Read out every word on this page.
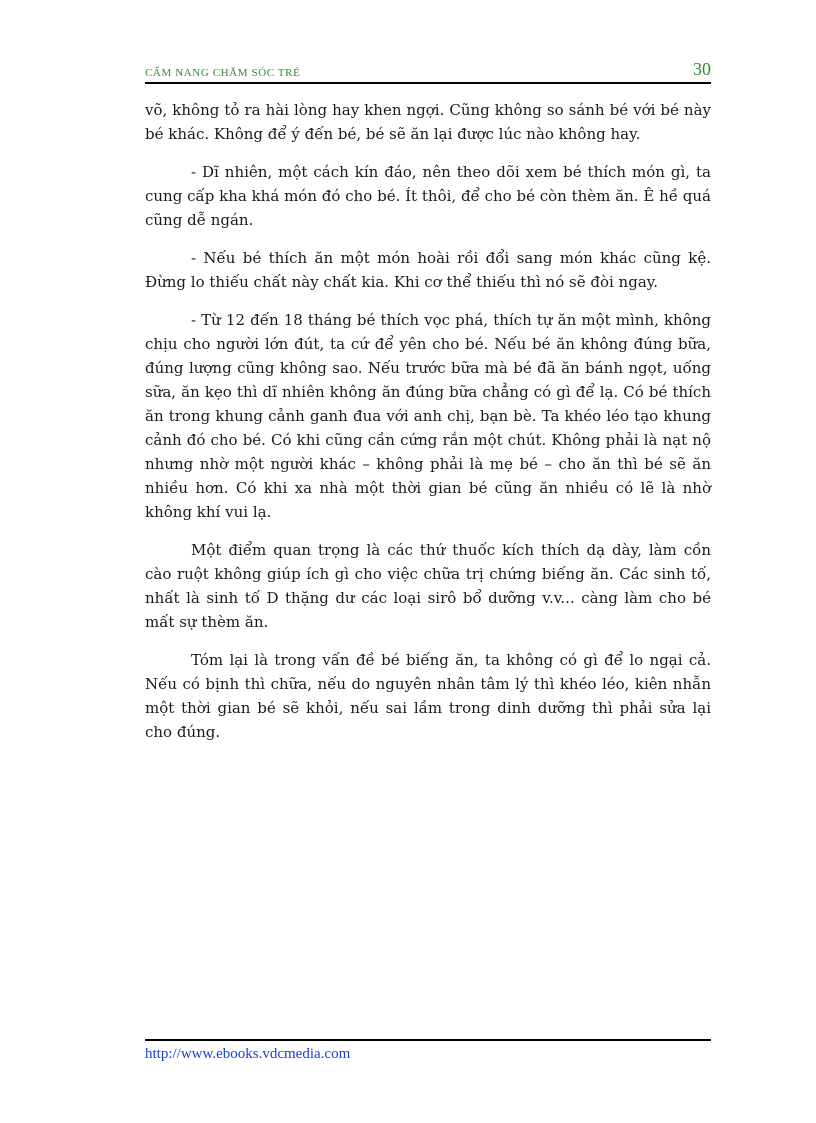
CẨM NANG CHĂM SÓC TRẺ	30

võ, không tỏ ra hài lòng hay khen ngợi. Cũng không so sánh bé với bé này bé khác. Không để ý đến bé, bé sẽ ăn lại được lúc nào không hay.

- Dĩ nhiên, một cách kín đáo, nên theo dõi xem bé thích món gì, ta cung cấp kha khá món đó cho bé. Ít thôi, để cho bé còn thèm ăn. Ê hề quá cũng dễ ngán.

- Nếu bé thích ăn một món hoài rồi đổi sang món khác cũng kệ. Đừng lo thiếu chất này chất kia. Khi cơ thể thiếu thì nó sẽ đòi ngay.

- Từ 12 đến 18 tháng bé thích vọc phá, thích tự ăn một mình, không chịu cho người lớn đút, ta cứ để yên cho bé. Nếu bé ăn không đúng bữa, đúng lượng cũng không sao. Nếu trước bữa mà bé đã ăn bánh ngọt, uống sữa, ăn kẹo thì dĩ nhiên không ăn đúng bữa chẳng có gì để lạ. Có bé thích ăn trong khung cảnh ganh đua với anh chị, bạn bè. Ta khéo léo tạo khung cảnh đó cho bé. Có khi cũng cần cứng rắn một chút. Không phải là nạt nộ nhưng nhờ một người khác – không phải là mẹ bé – cho ăn thì bé sẽ ăn nhiều hơn. Có khi xa nhà một thời gian bé cũng ăn nhiều có lẽ là nhờ không khí vui lạ.

Một điểm quan trọng là các thứ thuốc kích thích dạ dày, làm cồn cào ruột không giúp ích gì cho việc chữa trị chứng biếng ăn. Các sinh tố, nhất là sinh tố D thặng dư các loại sirô bổ dưỡng v.v... càng làm cho bé mất sự thèm ăn.

Tóm lại là trong vấn đề bé biếng ăn, ta không có gì để lo ngại cả. Nếu có bịnh thì chữa, nếu do nguyên nhân tâm lý thì khéo léo, kiên nhẫn một thời gian bé sẽ khỏi, nếu sai lầm trong dinh dưỡng thì phải sửa lại cho đúng.

http://www.ebooks.vdcmedia.com
